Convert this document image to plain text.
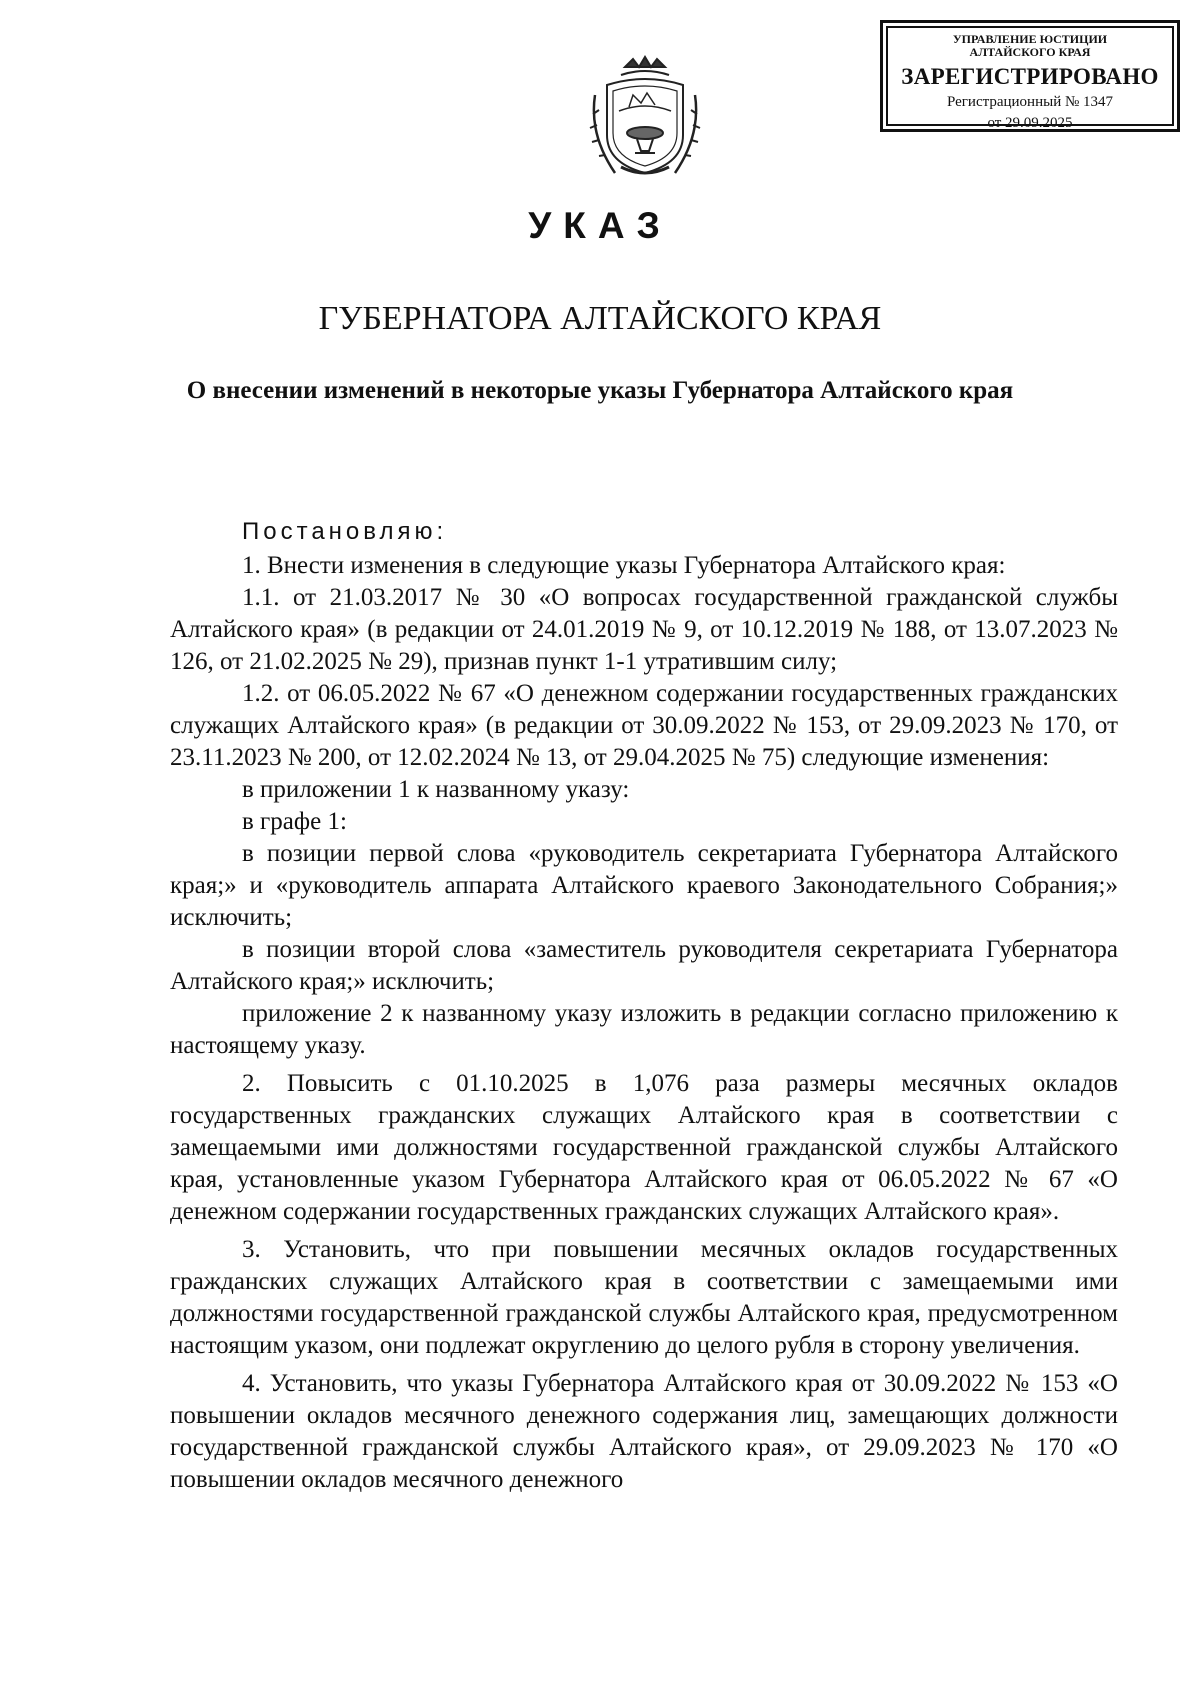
УПРАВЛЕНИЕ ЮСТИЦИИ
АЛТАЙСКОГО КРАЯ
ЗАРЕГИСТРИРОВАНО
Регистрационный № 1347
от 29.09.2025
УКАЗ
ГУБЕРНАТОРА АЛТАЙСКОГО КРАЯ
О внесении изменений в некоторые указы Губернатора Алтайского края
Постановляю:

1. Внести изменения в следующие указы Губернатора Алтайского края:

1.1. от 21.03.2017 № 30 «О вопросах государственной гражданской службы Алтайского края» (в редакции от 24.01.2019 № 9, от 10.12.2019 № 188, от 13.07.2023 № 126, от 21.02.2025 № 29), признав пункт 1-1 утратившим силу;

1.2. от 06.05.2022 № 67 «О денежном содержании государственных гражданских служащих Алтайского края» (в редакции от 30.09.2022 № 153, от 29.09.2023 № 170, от 23.11.2023 № 200, от 12.02.2024 № 13, от 29.04.2025 № 75) следующие изменения:

в приложении 1 к названному указу:

в графе 1:

в позиции первой слова «руководитель секретариата Губернатора Алтайского края;» и «руководитель аппарата Алтайского краевого Законодательного Собрания;» исключить;

в позиции второй слова «заместитель руководителя секретариата Губернатора Алтайского края;» исключить;

приложение 2 к названному указу изложить в редакции согласно приложению к настоящему указу.

2. Повысить с 01.10.2025 в 1,076 раза размеры месячных окладов государственных гражданских служащих Алтайского края в соответствии с замещаемыми ими должностями государственной гражданской службы Алтайского края, установленные указом Губернатора Алтайского края от 06.05.2022 № 67 «О денежном содержании государственных гражданских служащих Алтайского края».

3. Установить, что при повышении месячных окладов государственных гражданских служащих Алтайского края в соответствии с замещаемыми ими должностями государственной гражданской службы Алтайского края, предусмотренном настоящим указом, они подлежат округлению до целого рубля в сторону увеличения.

4. Установить, что указы Губернатора Алтайского края от 30.09.2022 № 153 «О повышении окладов месячного денежного содержания лиц, замещающих должности государственной гражданской службы Алтайского края», от 29.09.2023 № 170 «О повышении окладов месячного денежного
